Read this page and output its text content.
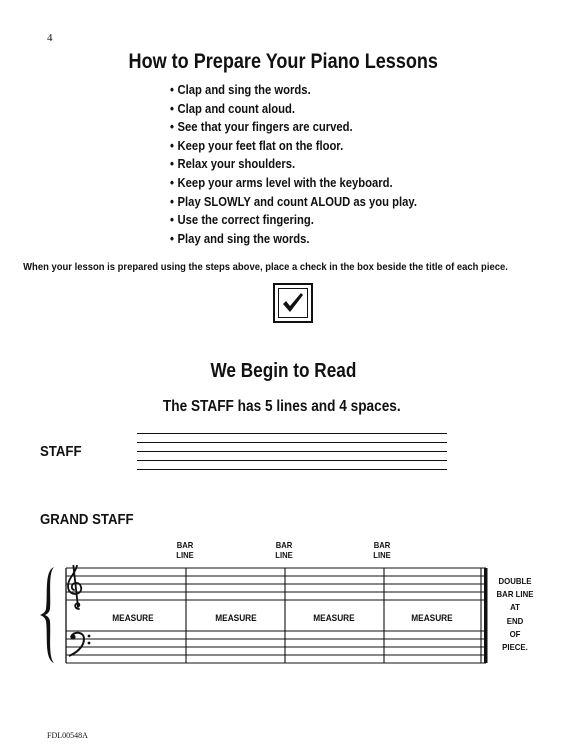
4
How to Prepare Your Piano Lessons
• Clap and sing the words.
• Clap and count aloud.
• See that your fingers are curved.
• Keep your feet flat on the floor.
• Relax your shoulders.
• Keep your arms level with the keyboard.
• Play SLOWLY and count ALOUD as you play.
• Use the correct fingering.
• Play and sing the words.
When your lesson is prepared using the steps above, place a check in the box beside the title of each piece.
We Begin to Read
The STAFF has 5 lines and 4 spaces.
STAFF
GRAND STAFF
BAR
LINE
BAR
LINE
BAR
LINE
MEASURE	MEASURE	MEASURE	MEASURE
DOUBLE
BAR LINE
AT
END
OF
PIECE.
FDL00548A
